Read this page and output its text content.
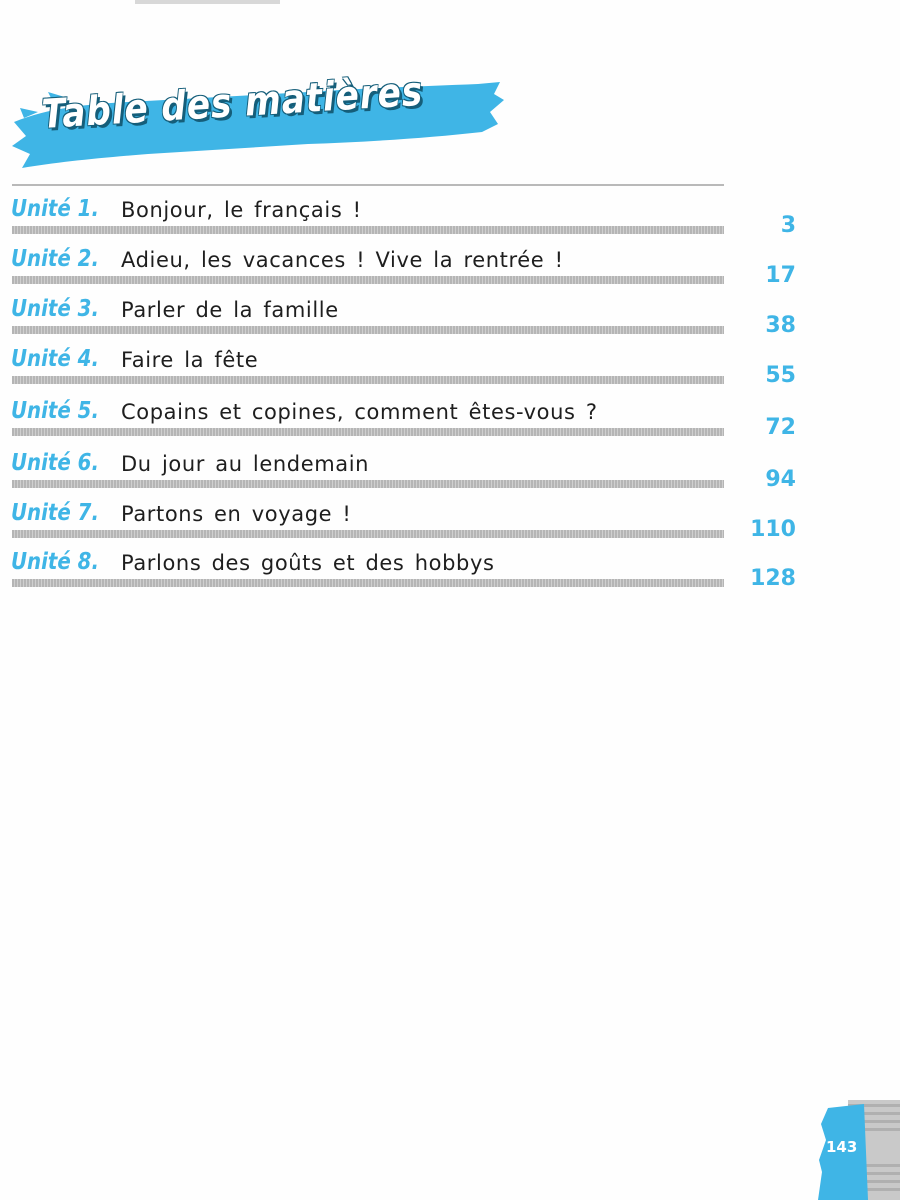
Table des matières
Unité 1. Bonjour, le français !
3
Unité 2. Adieu, les vacances ! Vive la rentrée !
17
Unité 3. Parler de la famille
38
Unité 4. Faire la fête
55
Unité 5. Copains et copines, comment êtes-vous ?
72
Unité 6. Du jour au lendemain
94
Unité 7. Partons en voyage !
110
Unité 8. Parlons des goûts et des hobbys
128
143
